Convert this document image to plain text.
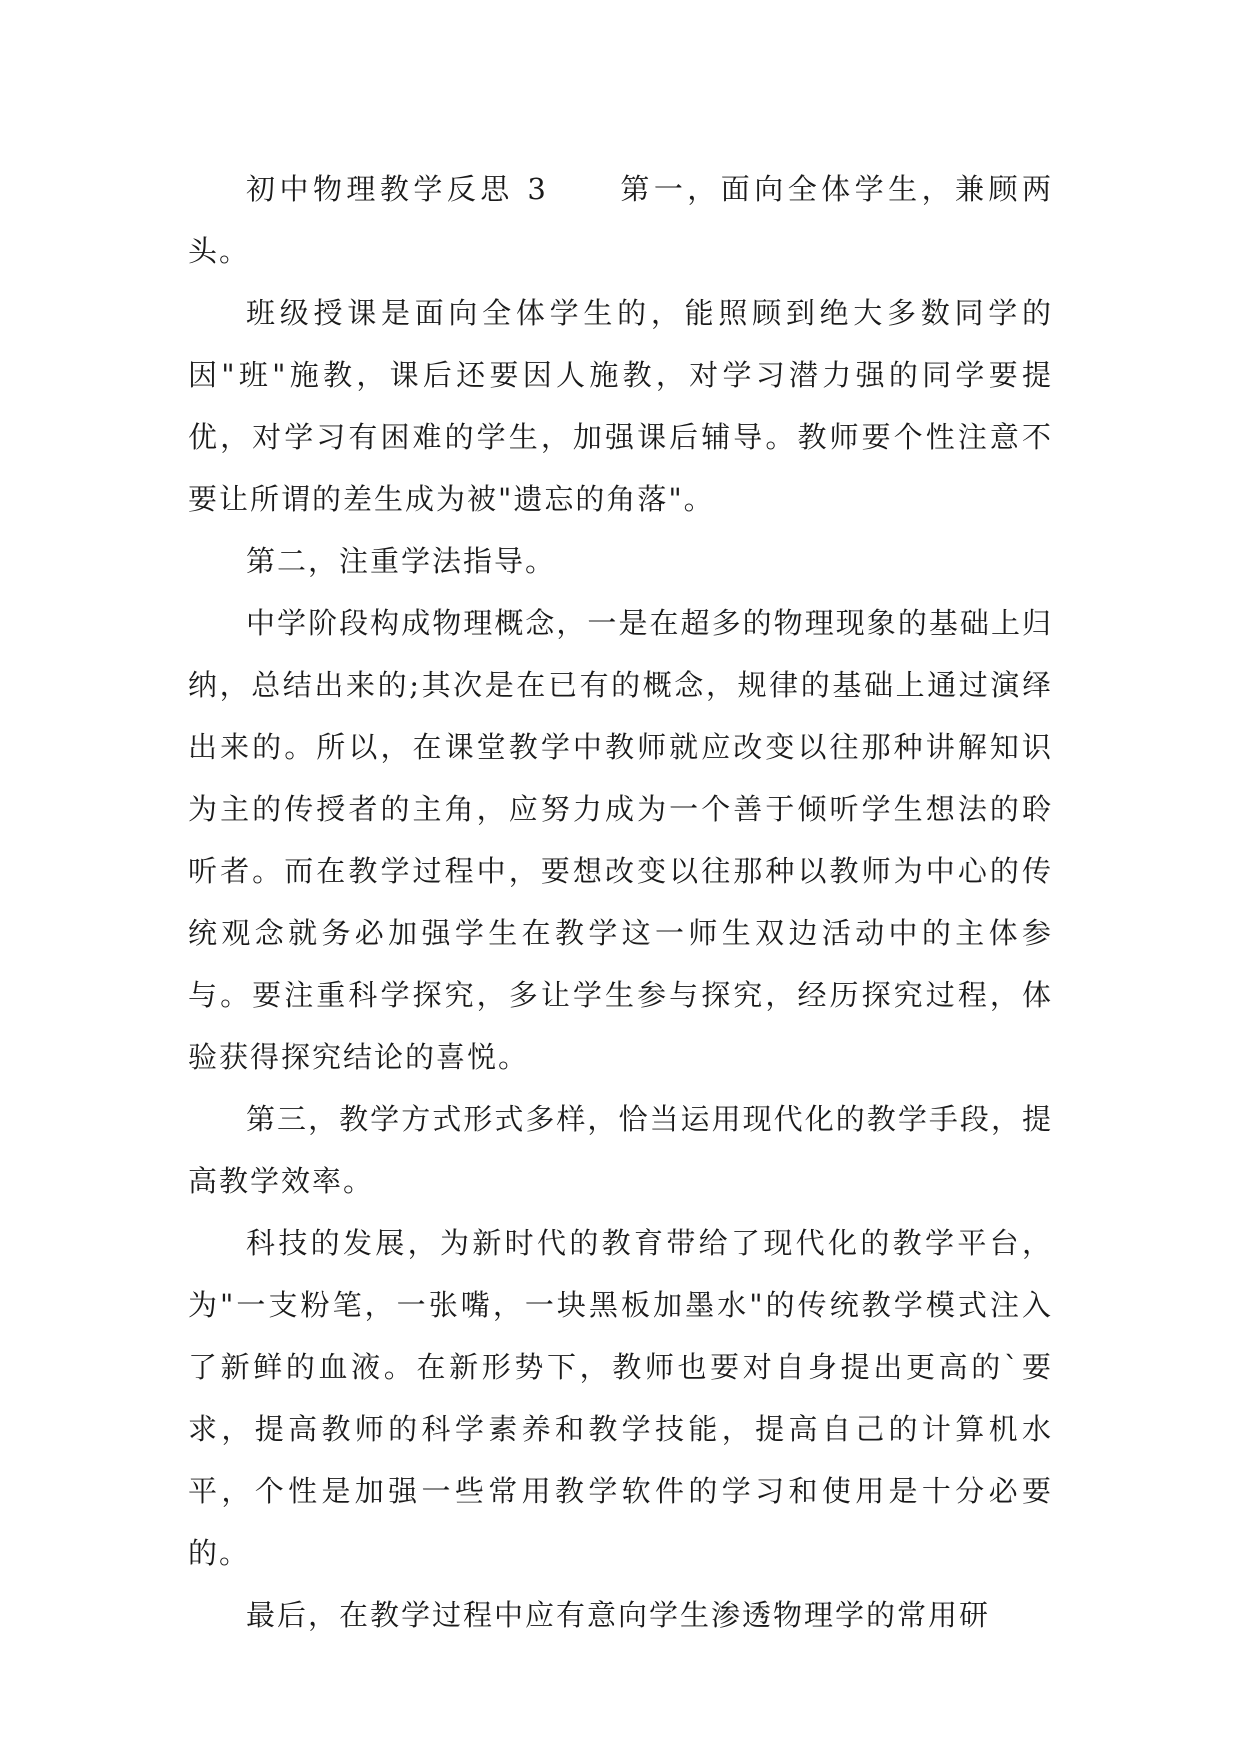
初中物理教学反思 3 第一，面向全体学生，兼顾两头。

班级授课是面向全体学生的，能照顾到绝大多数同学的因"班"施教，课后还要因人施教，对学习潜力强的同学要提优，对学习有困难的学生，加强课后辅导。教师要个性注意不要让所谓的差生成为被"遗忘的角落"。

第二，注重学法指导。

中学阶段构成物理概念，一是在超多的物理现象的基础上归纳，总结出来的;其次是在已有的概念，规律的基础上通过演绎出来的。所以，在课堂教学中教师就应改变以往那种讲解知识为主的传授者的主角，应努力成为一个善于倾听学生想法的聆听者。而在教学过程中，要想改变以往那种以教师为中心的传统观念就务必加强学生在教学这一师生双边活动中的主体参与。要注重科学探究，多让学生参与探究，经历探究过程，体验获得探究结论的喜悦。

第三，教学方式形式多样，恰当运用现代化的教学手段，提高教学效率。

科技的发展，为新时代的教育带给了现代化的教学平台，为"一支粉笔，一张嘴，一块黑板加墨水"的传统教学模式注入了新鲜的血液。在新形势下，教师也要对自身提出更高的`要求，提高教师的科学素养和教学技能，提高自己的计算机水平，个性是加强一些常用教学软件的学习和使用是十分必要的。

最后，在教学过程中应有意向学生渗透物理学的常用研
